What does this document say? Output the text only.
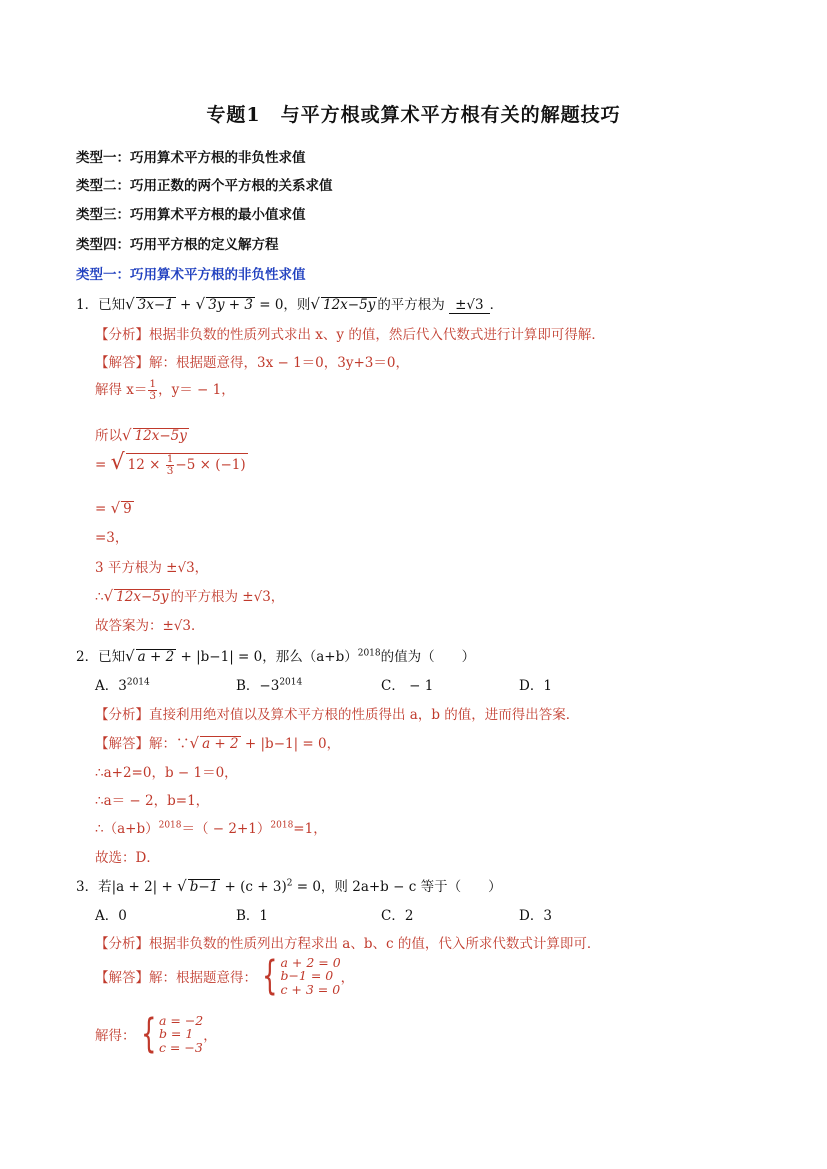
专题1　与平方根或算术平方根有关的解题技巧
类型一：巧用算术平方根的非负性求值
类型二：巧用正数的两个平方根的关系求值
类型三：巧用算术平方根的最小值求值
类型四：巧用平方根的定义解方程
类型一：巧用算术平方根的非负性求值
1．已知√ 3x−1 + √ 3y + 3 = 0，则√ 12x−5y 的平方根为 ±√3 ．
【分析】根据非负数的性质列式求出 x、y 的值，然后代入代数式进行计算即可得解．
【解答】解：根据题意得，3x − 1＝0，3y+3＝0，
解得 $x= \frac{1}{3}$ ，y＝ − 1，
所以√ 12x−5y
= √ $12 \times \frac{1}{3} -5 \times (-1)$
= √ 9
=3，
3 平方根为 ±√3，
∴√ 12x−5y 的平方根为 ±√3，
故答案为：±√3．
2．已知√ a + 2 + |b−1| = 0，那么$(a+b)^{2018}$的值为（　　）
A．$3^{2014}$	B．$-3^{2014}$	C． − 1	D．1
【分析】直接利用绝对值以及算术平方根的性质得出 a，b 的值，进而得出答案．
【解答】解：∵√ a + 2 + |b−1| = 0，
∴a+2=0，b − 1＝0，
∴a＝ − 2，b=1，
$\therefore(a+b)^{2018}=( - 2+1)^{2018}=1$，
故选：D．
3．若|a + 2| + √ $b-1 + (c + 3)^2 = 0$，则 2a+b − c 等于（　　）
A．0	B．1	C．2	D．3
【分析】根据非负数的性质列出方程求出 a、b、c 的值，代入所求代数式计算即可．
【解答】解：根据题意得： { a + 2 = 0
b−1 = 0
c + 3 = 0
，
解得： { a = −2
b = 1
c = −3
，
